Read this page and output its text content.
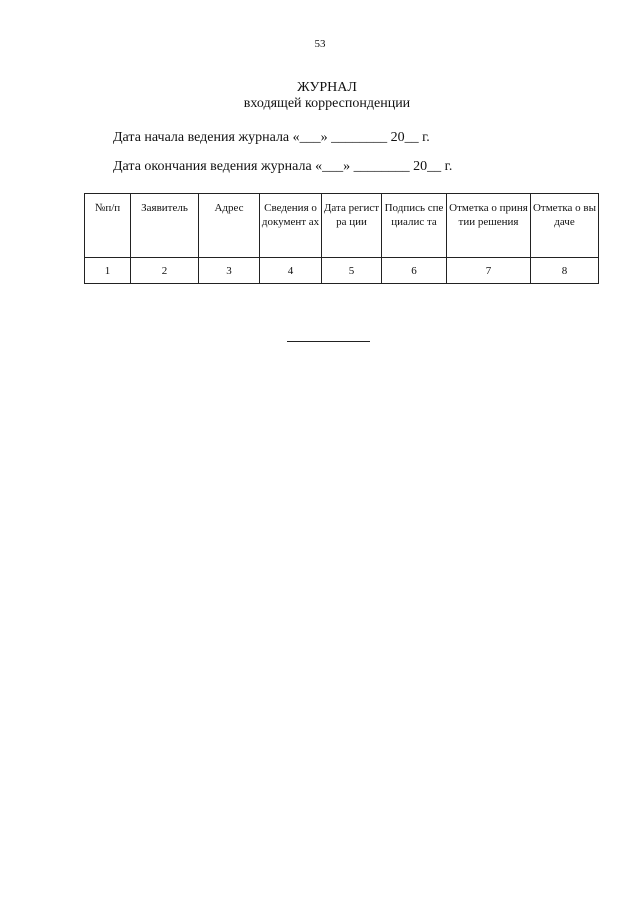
53
ЖУРНАЛ
входящей корреспонденции
Дата начала ведения журнала «___» ________ 20__ г.
Дата окончания ведения журнала «___» ________ 20__ г.
№п/п	Заявитель	Адрес	Сведения о документ ах	Дата регистра ции	Подпись специалис та	Отметка о принятии решения	Отметка о выдаче

1	2	3	4	5	6	7	8
